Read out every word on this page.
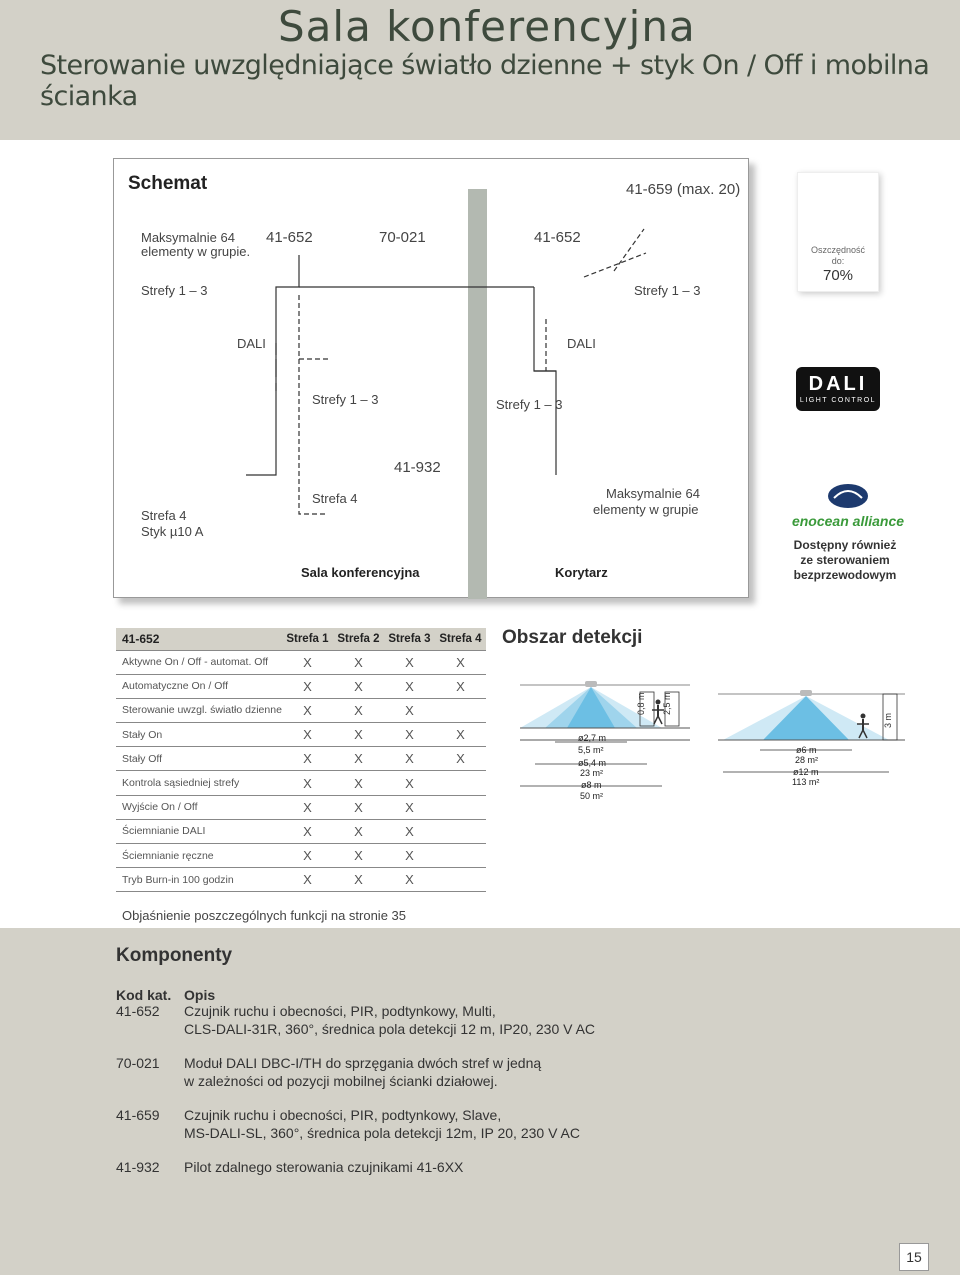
Sala konferencyjna
Sterowanie uwzględniające światło dzienne + styk On / Off i mobilna ścianka
Schemat
Maksymalnie 64
elementy w grupie.
41-652	70-021	41-652
41-659 (max. 20)
Strefy 1 – 3	Strefy 1 – 3
DALI	DALI
Strefy 1 – 3	Strefy 1 – 3
41-932
Strefa 4
Styk µ10 A
Strefa 4	Maksymalnie 64
elementy w grupie
Sala konferencyjna	Korytarz
Oszczędność
do:
70%
DALI
LIGHT CONTROL
enocean alliance
Dostępny również
ze sterowaniem
bezprzewodowym
41-652	Strefa 1	Strefa 2	Strefa 3	Strefa 4
Aktywne On / Off - automat. Off	X	X	X	X
Automatyczne On / Off	X	X	X	X
Sterowanie uwzgl. światło dzienne	X	X	X	
Stały On	X	X	X	X
Stały Off	X	X	X	X
Kontrola sąsiedniej strefy	X	X	X	
Wyjście On / Off	X	X	X	
Ściemnianie DALI	X	X	X	
Ściemnianie ręczne	X	X	X	
Tryb Burn-in 100 godzin	X	X	X	
Obszar detekcji
0,8 m 2,5 m
3 m
ø2,7 m
5,5 m²
ø5,4 m
23 m²
ø8 m
50 m²
ø6 m
28 m²
ø12 m
113 m²
Objaśnienie poszczególnych funkcji na stronie 35
Komponenty
Kod kat. Opis
41-652 Czujnik ruchu i obecności, PIR, podtynkowy, Multi,
CLS-DALI-31R, 360°, średnica pola detekcji 12 m, IP20, 230 V AC
70-021 Moduł DALI DBC-I/TH do sprzęgania dwóch stref w jedną
w zależności od pozycji mobilnej ścianki działowej.
41-659 Czujnik ruchu i obecności, PIR, podtynkowy, Slave,
MS-DALI-SL, 360°, średnica pola detekcji 12m, IP 20, 230 V AC
41-932 Pilot zdalnego sterowania czujnikami 41-6XX
15
